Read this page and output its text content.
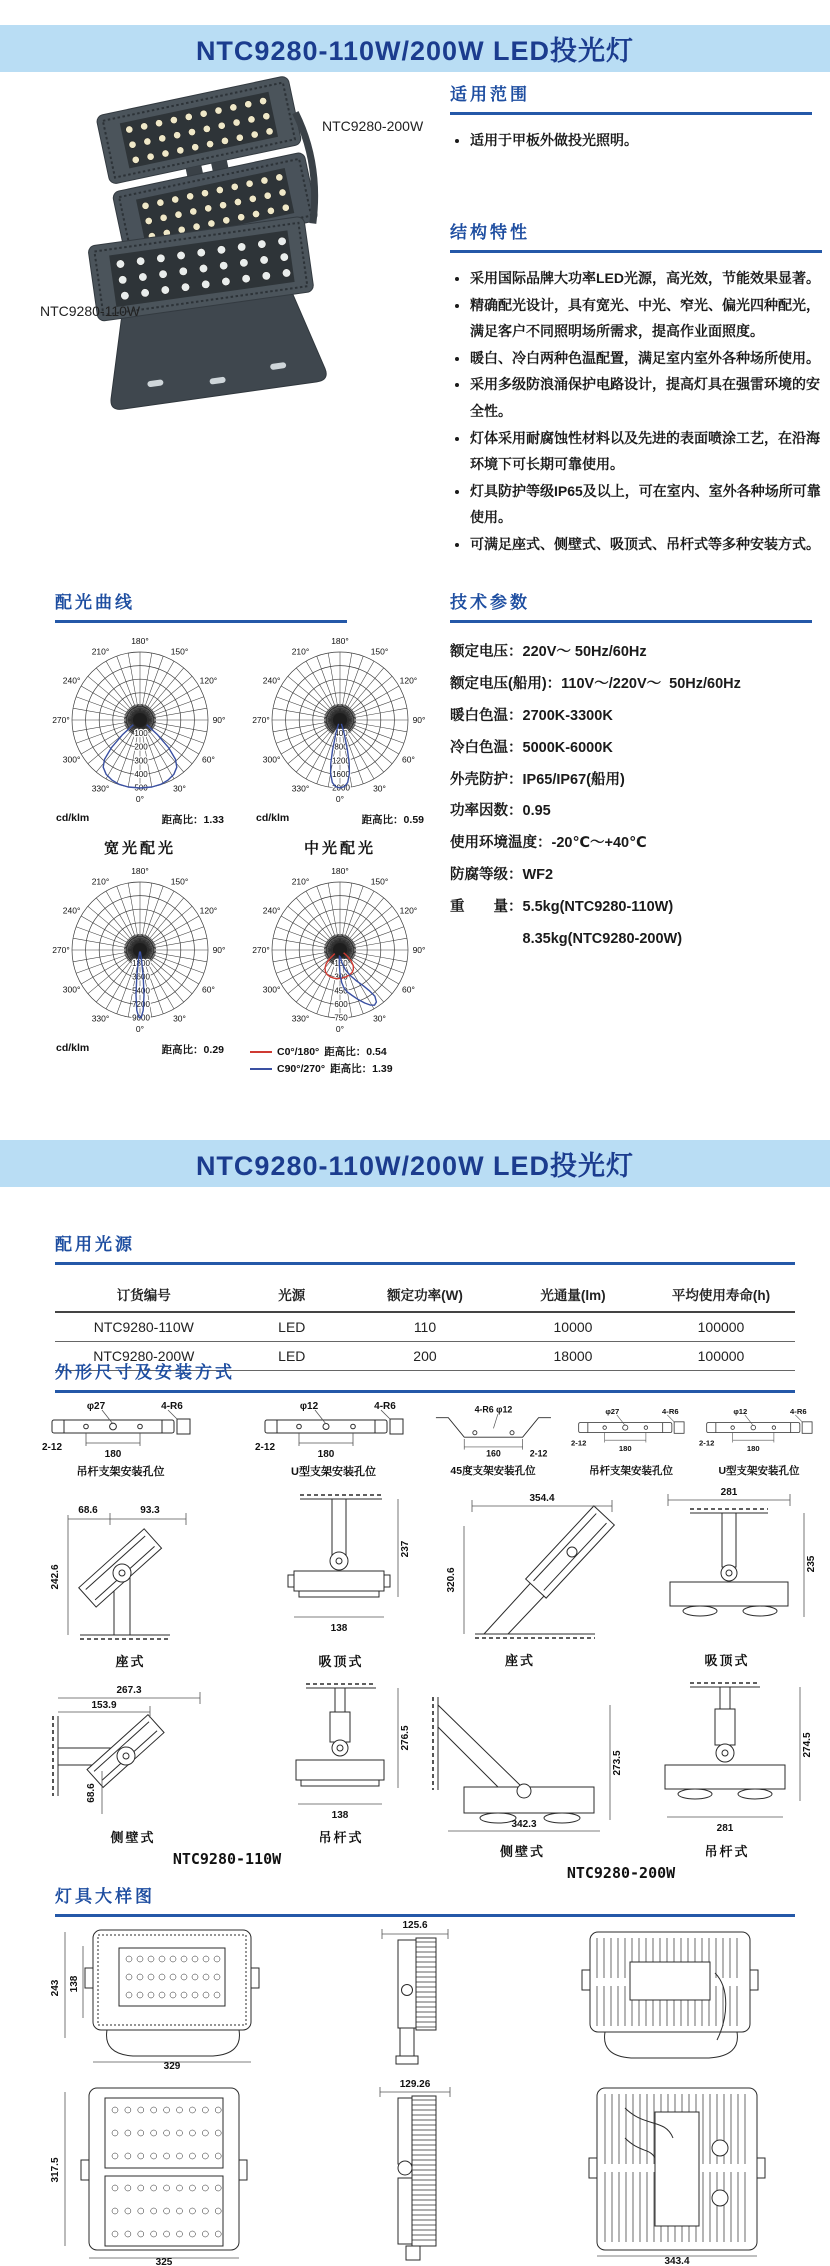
NTC9280-110W/200W LED投光灯
NTC9280-200W
NTC9280-110W
适用范围
• 适用于甲板外做投光照明。
结构特性
• 采用国际品牌大功率LED光源，高光效，节能效果显著。
• 精确配光设计，具有宽光、中光、窄光、偏光四种配光，满足客户不同照明场所需求，提高作业面照度。
• 暖白、冷白两种色温配置，满足室内室外各种场所使用。
• 采用多级防浪涌保护电路设计，提高灯具在强雷环境的安全性。
• 灯体采用耐腐蚀性材料以及先进的表面喷涂工艺，在沿海环境下可长期可靠使用。
• 灯具防护等级IP65及以上，可在室内、室外各种场所可靠使用。
• 可满足座式、侧壁式、吸顶式、吊杆式等多种安装方式。
配光曲线
0°
30°
60°
90°
120°
150°
180°
210°
240°
270°
300°
330°
100
200
300
400
500
cd/klm	距高比：1.33
宽光配光
0°
30°
60°
90°
120°
150°
180°
210°
240°
270°
300°
330°
400
800
1200
1600
2000
cd/klm	距高比：0.59
中光配光
0°
30°
60°
90°
120°
150°
180°
210°
240°
270°
300°
330°
1800
3600
5400
7200
9000
cd/klm	距高比：0.29
0°
30°
60°
90°
120°
150°
180°
210°
240°
270°
300°
330°
150
300
450
600
750
C0°/180° 距高比：0.54
C90°/270° 距高比：1.39
技术参数

额定电压：220V～ 50Hz/60Hz

额定电压(船用)：110V～/220V～  50Hz/60Hz

暖白色温：2700K-3300K

冷白色温：5000K-6000K

外壳防护：IP65/IP67(船用)

功率因数：0.95

使用环境温度：-20℃～+40℃

防腐等级：WF2

重　　量：5.5kg(NTC9280-110W)

　　　　　8.35kg(NTC9280-200W)

NTC9280-110W/200W LED投光灯
配用光源
订货编号	光源	额定功率(W)	光通量(lm)	平均使用寿命(h)
NTC9280-110W	LED	110	10000	100000
NTC9280-200W	LED	200	18000	100000
外形尺寸及安装方式
φ27	4-R6
180
2-12
吊杆支架安装孔位
φ12	4-R6
180
2-12
U型支架安装孔位
242.6
68.6	93.3
座式
237
138
吸顶式
267.3
153.9
68.6
侧壁式
276.5
138
吊杆式
NTC9280-110W
4-R6 φ12
160	2-12
45度支架安装孔位
φ27	4-R6
180
2-12
吊杆支架安装孔位
φ12	4-R6
180
2-12
U型支架安装孔位
354.4
320.6
座式
281
235
吸顶式
273.5
342.3
侧壁式
274.5
281
吊杆式
NTC9280-200W
灯具大样图
243 138
329
125.6
317.5
325
129.26
343.4
